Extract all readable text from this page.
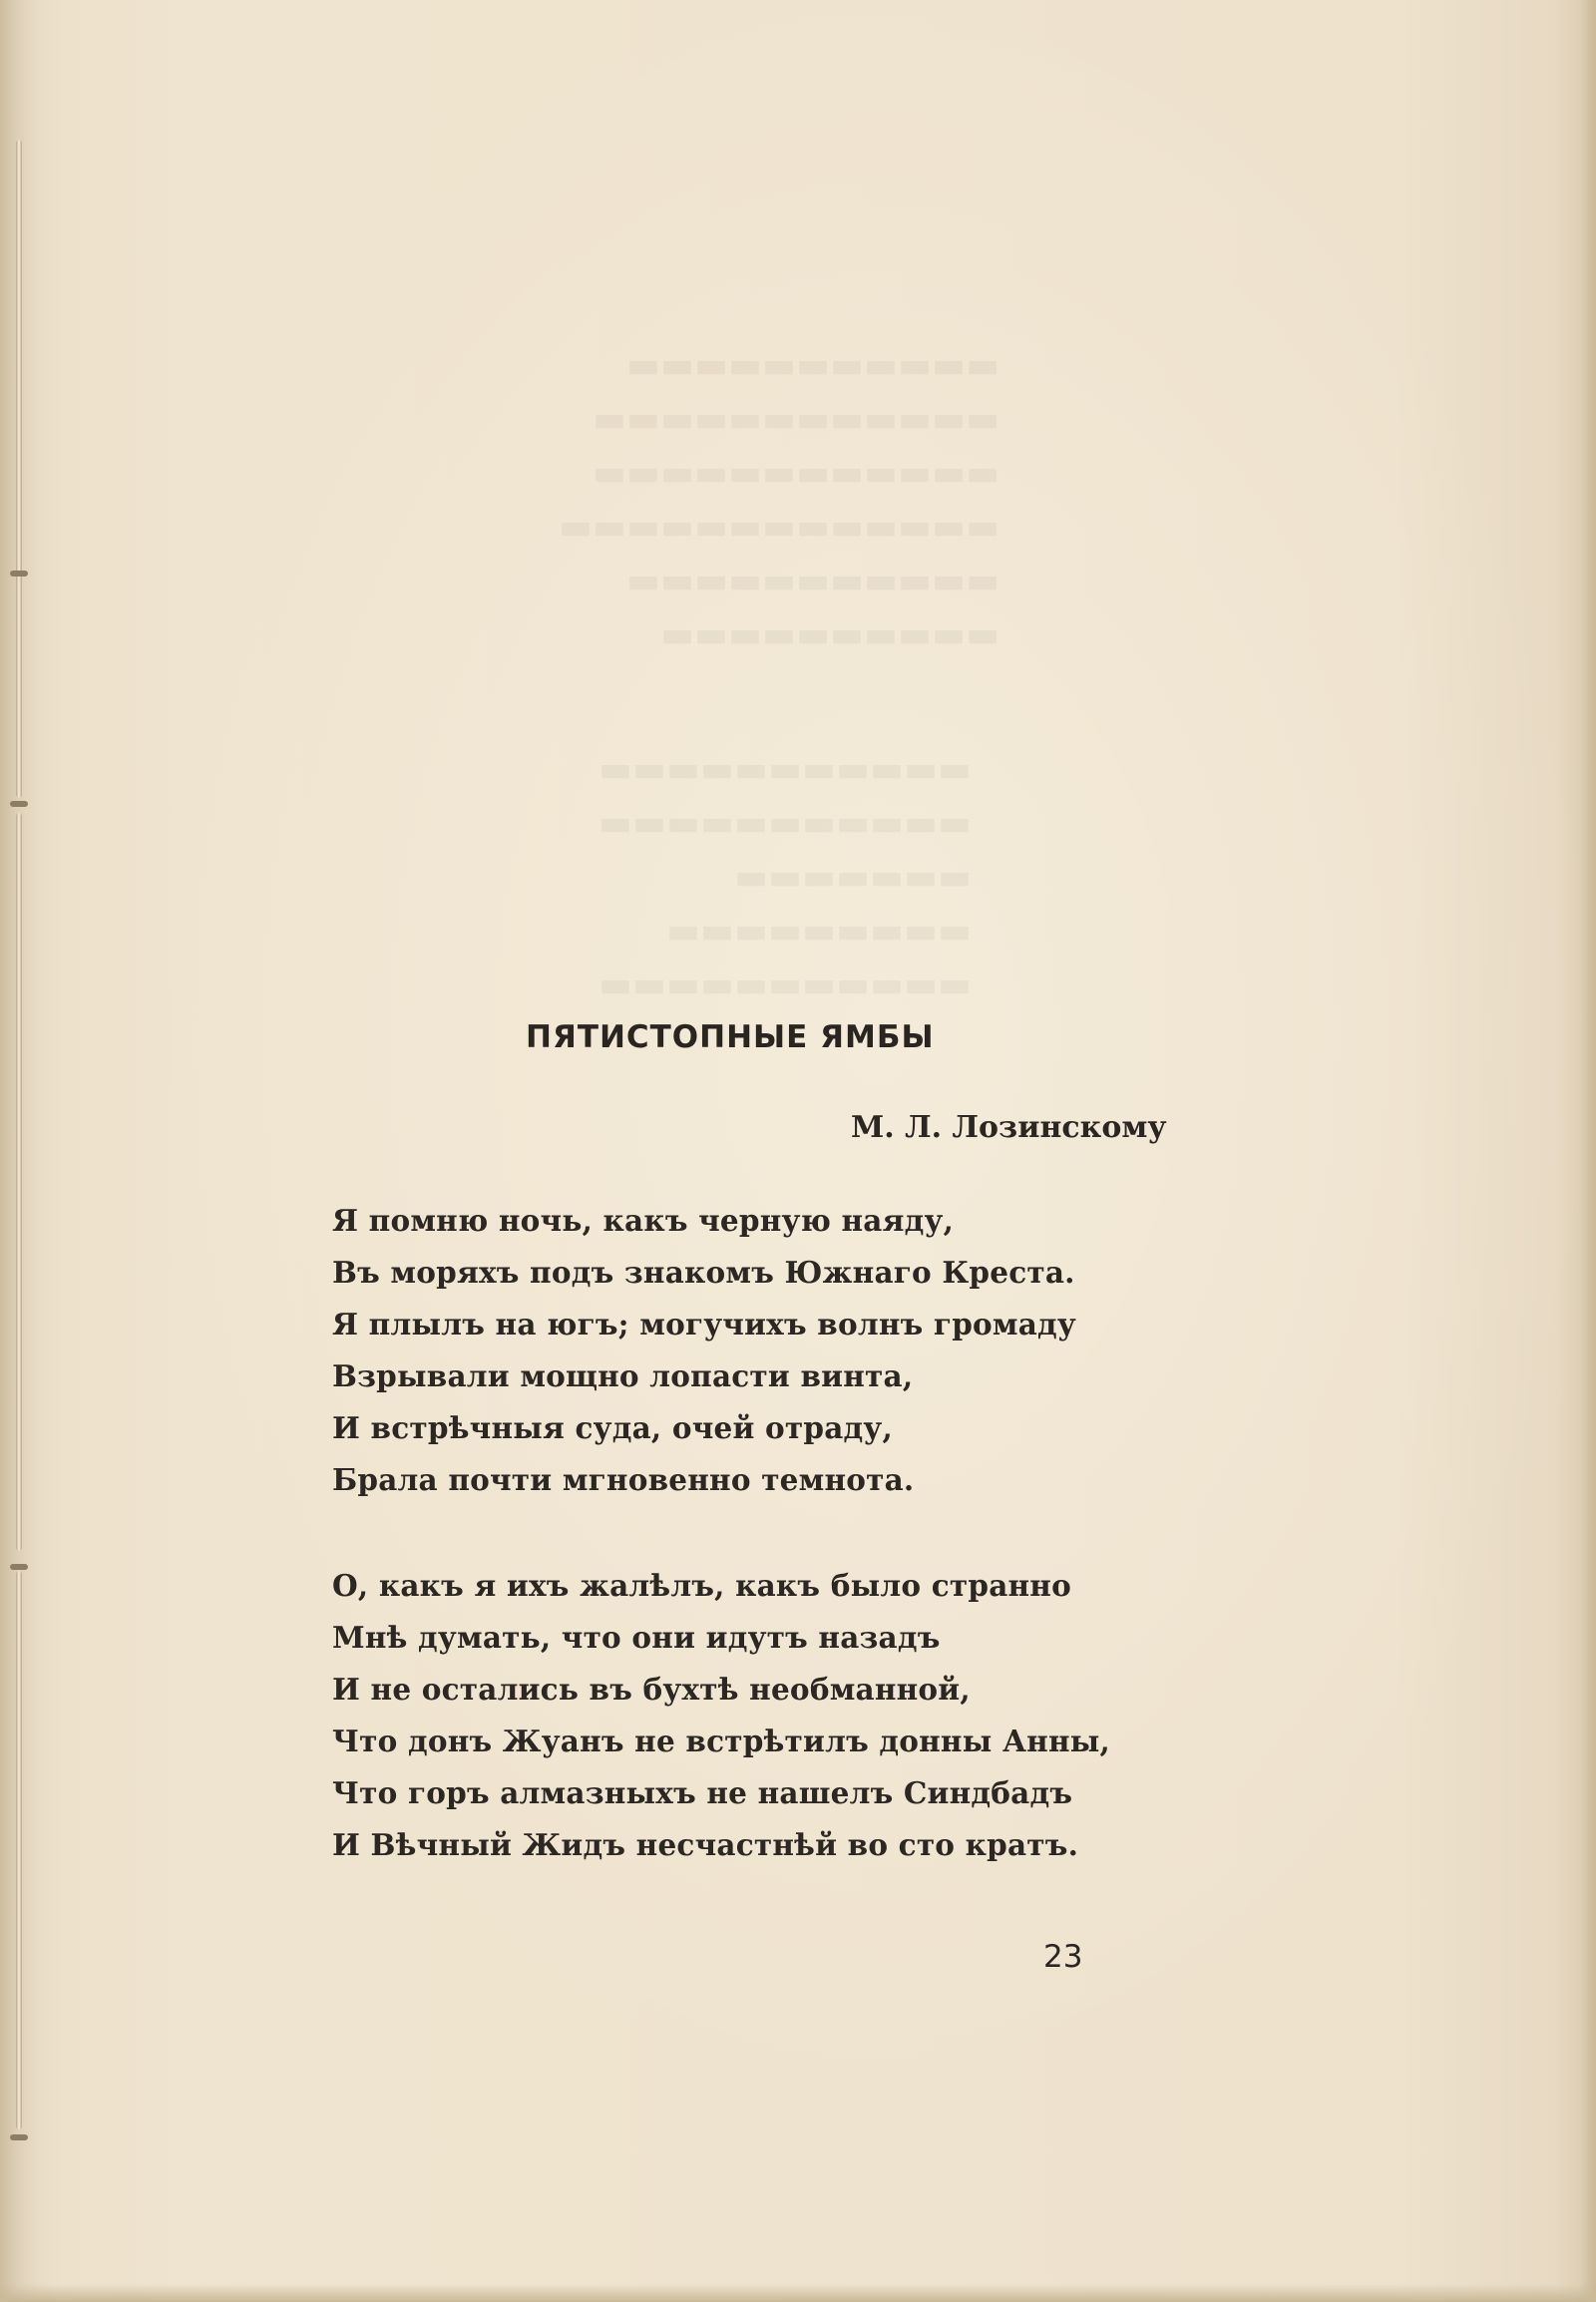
▬▬▬▬▬▬▬▬▬▬▬
▬▬▬▬▬▬▬▬▬▬▬▬
▬▬▬▬▬▬▬▬▬▬▬▬
▬▬▬▬▬▬▬▬▬▬▬▬▬
▬▬▬▬▬▬▬▬▬▬▬
▬▬▬▬▬▬▬▬▬▬
▬▬▬▬▬▬▬▬▬▬▬
▬▬▬▬▬▬▬▬▬▬▬
▬▬▬▬▬▬▬
▬▬▬▬▬▬▬▬▬
▬▬▬▬▬▬▬▬▬▬▬
ПЯТИСТОПНЫЕ ЯМБЫ
М. Л. Лозинскому
Я помню ночь, какъ черную наяду,
Въ моряхъ подъ знакомъ Южнаго Креста.
Я плылъ на югъ; могучихъ волнъ громаду
Взрывали мощно лопасти винта,
И встрѣчныя суда, очей отраду,
Брала почти мгновенно темнота.
О, какъ я ихъ жалѣлъ, какъ было странно
Мнѣ думать, что они идутъ назадъ
И не остались въ бухтѣ необманной,
Что донъ Жуанъ не встрѣтилъ донны Анны,
Что горъ алмазныхъ не нашелъ Синдбадъ
И Вѣчный Жидъ несчастнѣй во сто кратъ.
23
